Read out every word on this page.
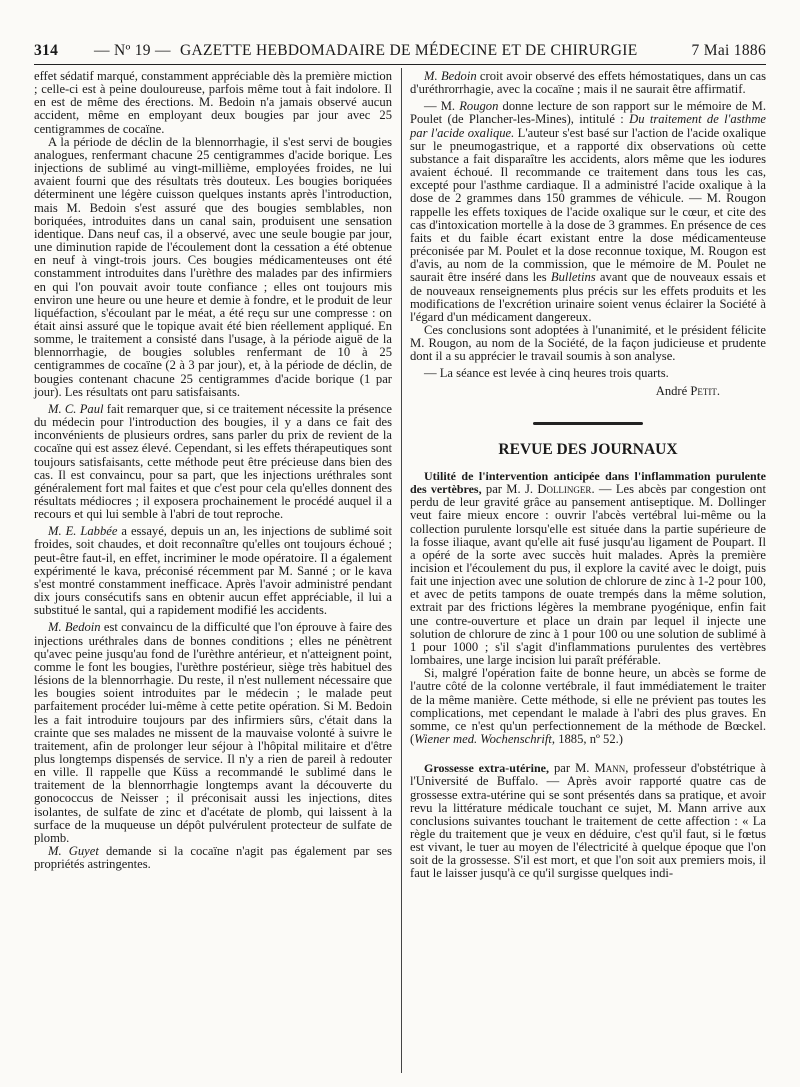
314 — Nº 19 — GAZETTE HEBDOMADAIRE DE MÉDECINE ET DE CHIRURGIE	7 Mai 1886

effet sédatif marqué, constamment appréciable dès la première miction ; celle-ci est à peine douloureuse, parfois même tout à fait indolore. Il en est de même des érections. M. Bedoin n'a jamais observé aucun accident, même en employant deux bougies par jour avec 25 centigrammes de cocaïne.

A la période de déclin de la blennorrhagie, il s'est servi de bougies analogues, renfermant chacune 25 centigrammes d'acide borique. Les injections de sublimé au vingt-millième, employées froides, ne lui avaient fourni que des résultats très douteux. Les bougies boriquées déterminent une légère cuisson quelques instants après l'introduction, mais M. Bedoin s'est assuré que des bougies semblables, non boriquées, introduites dans un canal sain, produisent une sensation identique. Dans neuf cas, il a observé, avec une seule bougie par jour, une diminution rapide de l'écoulement dont la cessation a été obtenue en neuf à vingt-trois jours. Ces bougies médicamenteuses ont été constamment introduites dans l'urèthre des malades par des infirmiers en qui l'on pouvait avoir toute confiance ; elles ont toujours mis environ une heure ou une heure et demie à fondre, et le produit de leur liquéfaction, s'écoulant par le méat, a été reçu sur une compresse : on était ainsi assuré que le topique avait été bien réellement appliqué. En somme, le traitement a consisté dans l'usage, à la période aiguë de la blennorrhagie, de bougies solubles renfermant de 10 à 25 centigrammes de cocaïne (2 à 3 par jour), et, à la période de déclin, de bougies contenant chacune 25 centigrammes d'acide borique (1 par jour). Les résultats ont paru satisfaisants.

M. C. Paul fait remarquer que, si ce traitement nécessite la présence du médecin pour l'introduction des bougies, il y a dans ce fait des inconvénients de plusieurs ordres, sans parler du prix de revient de la cocaïne qui est assez élevé. Cependant, si les effets thérapeutiques sont toujours satisfaisants, cette méthode peut être précieuse dans bien des cas. Il est convaincu, pour sa part, que les injections uréthrales sont généralement fort mal faites et que c'est pour cela qu'elles donnent des résultats médiocres ; il exposera prochainement le procédé auquel il a recours et qui lui semble à l'abri de tout reproche.

M. E. Labbée a essayé, depuis un an, les injections de sublimé soit froides, soit chaudes, et doit reconnaître qu'elles ont toujours échoué ; peut-être faut-il, en effet, incriminer le mode opératoire. Il a également expérimenté le kava, préconisé récemment par M. Sanné ; or le kava s'est montré constamment inefficace. Après l'avoir administré pendant dix jours consécutifs sans en obtenir aucun effet appréciable, il lui a substitué le santal, qui a rapidement modifié les accidents.

M. Bedoin est convaincu de la difficulté que l'on éprouve à faire des injections uréthrales dans de bonnes conditions ; elles ne pénètrent qu'avec peine jusqu'au fond de l'urèthre antérieur, et n'atteignent point, comme le font les bougies, l'urèthre postérieur, siège très habituel des lésions de la blennorrhagie. Du reste, il n'est nullement nécessaire que les bougies soient introduites par le médecin ; le malade peut parfaitement procéder lui-même à cette petite opération. Si M. Bedoin les a fait introduire toujours par des infirmiers sûrs, c'était dans la crainte que ses malades ne missent de la mauvaise volonté à suivre le traitement, afin de prolonger leur séjour à l'hôpital militaire et d'être plus longtemps dispensés de service. Il n'y a rien de pareil à redouter en ville. Il rappelle que Küss a recommandé le sublimé dans le traitement de la blennorrhagie longtemps avant la découverte du gonococcus de Neisser ; il préconisait aussi les injections, dites isolantes, de sulfate de zinc et d'acétate de plomb, qui laissent à la surface de la muqueuse un dépôt pulvérulent protecteur de sulfate de plomb.

M. Guyet demande si la cocaïne n'agit pas également par ses propriétés astringentes.

M. Bedoin croit avoir observé des effets hémostatiques, dans un cas d'uréthrorrhagie, avec la cocaïne ; mais il ne saurait être affirmatif.

— M. Rougon donne lecture de son rapport sur le mémoire de M. Poulet (de Plancher-les-Mines), intitulé : Du traitement de l'asthme par l'acide oxalique. L'auteur s'est basé sur l'action de l'acide oxalique sur le pneumogastrique, et a rapporté dix observations où cette substance a fait disparaître les accidents, alors même que les iodures avaient échoué. Il recommande ce traitement dans tous les cas, excepté pour l'asthme cardiaque. Il a administré l'acide oxalique à la dose de 2 grammes dans 150 grammes de véhicule. — M. Rougon rappelle les effets toxiques de l'acide oxalique sur le cœur, et cite des cas d'intoxication mortelle à la dose de 3 grammes. En présence de ces faits et du faible écart existant entre la dose médicamenteuse préconisée par M. Poulet et la dose reconnue toxique, M. Rougon est d'avis, au nom de la commission, que le mémoire de M. Poulet ne saurait être inséré dans les Bulletins avant que de nouveaux essais et de nouveaux renseignements plus précis sur les effets produits et les modifications de l'excrétion urinaire soient venus éclairer la Société à l'égard d'un médicament dangereux.

Ces conclusions sont adoptées à l'unanimité, et le président félicite M. Rougon, au nom de la Société, de la façon judicieuse et prudente dont il a su apprécier le travail soumis à son analyse.

— La séance est levée à cinq heures trois quarts.

André Petit.

REVUE DES JOURNAUX

Utilité de l'intervention anticipée dans l'inflammation purulente des vertèbres, par M. J. Dollinger. — Les abcès par congestion ont perdu de leur gravité grâce au pansement antiseptique. M. Dollinger veut faire mieux encore : ouvrir l'abcès vertébral lui-même ou la collection purulente lorsqu'elle est située dans la partie supérieure de la fosse iliaque, avant qu'elle ait fusé jusqu'au ligament de Poupart. Il a opéré de la sorte avec succès huit malades. Après la première incision et l'écoulement du pus, il explore la cavité avec le doigt, puis fait une injection avec une solution de chlorure de zinc à 1-2 pour 100, et avec de petits tampons de ouate trempés dans la même solution, extrait par des frictions légères la membrane pyogénique, enfin fait une contre-ouverture et place un drain par lequel il injecte une solution de chlorure de zinc à 1 pour 100 ou une solution de sublimé à 1 pour 1000 ; s'il s'agit d'inflammations purulentes des vertèbres lombaires, une large incision lui paraît préférable.

Si, malgré l'opération faite de bonne heure, un abcès se forme de l'autre côté de la colonne vertébrale, il faut immédiatement le traiter de la même manière. Cette méthode, si elle ne prévient pas toutes les complications, met cependant le malade à l'abri des plus graves. En somme, ce n'est qu'un perfectionnement de la méthode de Bœckel. (Wiener med. Wochenschrift, 1885, nº 52.)

Grossesse extra-utérine, par M. Mann, professeur d'obstétrique à l'Université de Buffalo. — Après avoir rapporté quatre cas de grossesse extra-utérine qui se sont présentés dans sa pratique, et avoir revu la littérature médicale touchant ce sujet, M. Mann arrive aux conclusions suivantes touchant le traitement de cette affection : « La règle du traitement que je veux en déduire, c'est qu'il faut, si le fœtus est vivant, le tuer au moyen de l'électricité à quelque époque que l'on soit de la grossesse. S'il est mort, et que l'on soit aux premiers mois, il faut le laisser jusqu'à ce qu'il surgisse quelques indi-
